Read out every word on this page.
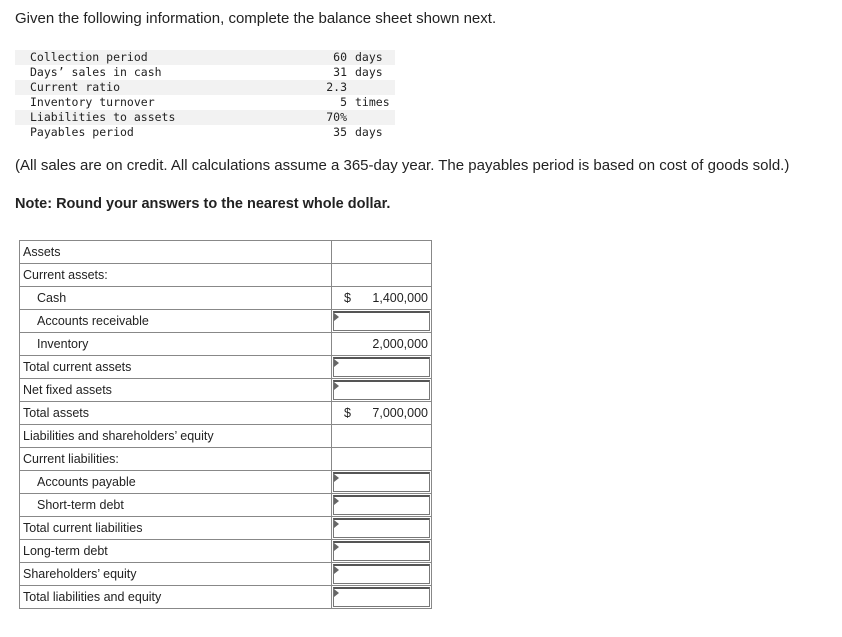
Given the following information, complete the balance sheet shown next.
Collection period	60	days
Days’ sales in cash	31	days
Current ratio	2.3	
Inventory turnover	5	times
Liabilities to assets	70%	
Payables period	35	days
(All sales are on credit. All calculations assume a 365-day year. The payables period is based on cost of goods sold.)
Note: Round your answers to the nearest whole dollar.
Assets	
Current assets:	
Cash	$ 1,400,000

Accounts receivable	

Inventory	2,000,000

Total current assets	

Net fixed assets	

Total assets	$ 7,000,000

Liabilities and shareholders’ equity	
Current liabilities:	
Accounts payable	

Short-term debt	

Total current liabilities	

Long-term debt	

Shareholders’ equity	

Total liabilities and equity	
